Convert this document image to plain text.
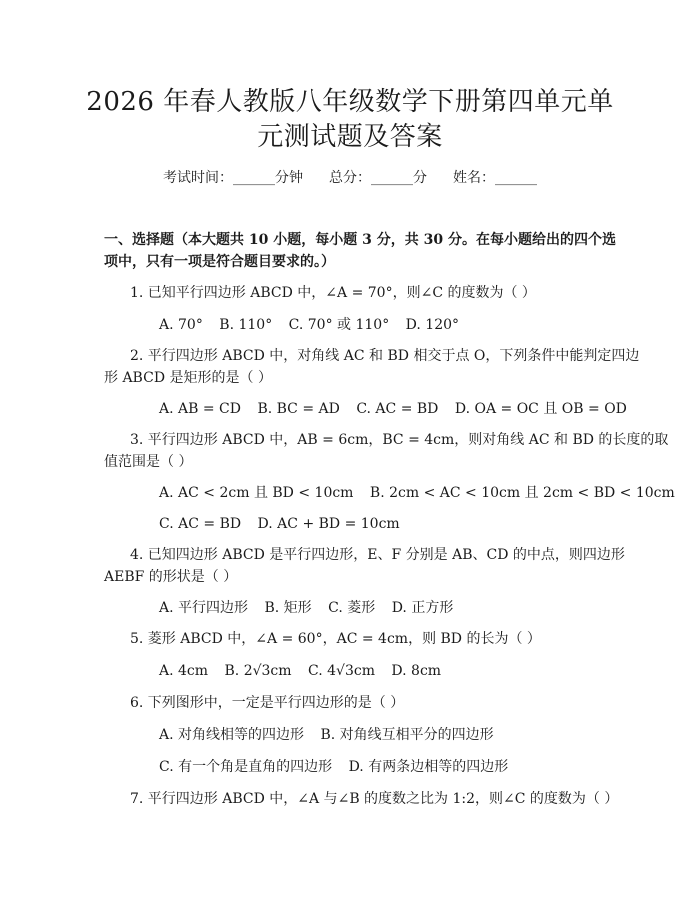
2026 年春人教版八年级数学下册第四单元单
元测试题及答案
考试时间：______分钟 总分：______分 姓名：______
一、选择题（本大题共 10 小题，每小题 3 分，共 30 分。在每小题给出的四个选
项中，只有一项是符合题目要求的。）
1. 已知平行四边形 ABCD 中，∠A = 70°，则∠C 的度数为（ ）
A. 70° B. 110° C. 70° 或 110° D. 120°
2. 平行四边形 ABCD 中，对角线 AC 和 BD 相交于点 O，下列条件中能判定四边
形 ABCD 是矩形的是（ ）
A. AB = CD B. BC = AD C. AC = BD D. OA = OC 且 OB = OD
3. 平行四边形 ABCD 中，AB = 6cm，BC = 4cm，则对角线 AC 和 BD 的长度的取
值范围是（ ）
A. AC < 2cm 且 BD < 10cm B. 2cm < AC < 10cm 且 2cm < BD < 10cm
C. AC = BD D. AC + BD = 10cm
4. 已知四边形 ABCD 是平行四边形，E、F 分别是 AB、CD 的中点，则四边形
AEBF 的形状是（ ）
A. 平行四边形 B. 矩形 C. 菱形 D. 正方形
5. 菱形 ABCD 中，∠A = 60°，AC = 4cm，则 BD 的长为（ ）
A. 4cm B. 2√3cm C. 4√3cm D. 8cm
6. 下列图形中，一定是平行四边形的是（ ）
A. 对角线相等的四边形 B. 对角线互相平分的四边形
C. 有一个角是直角的四边形 D. 有两条边相等的四边形
7. 平行四边形 ABCD 中，∠A 与∠B 的度数之比为 1:2，则∠C 的度数为（ ）
